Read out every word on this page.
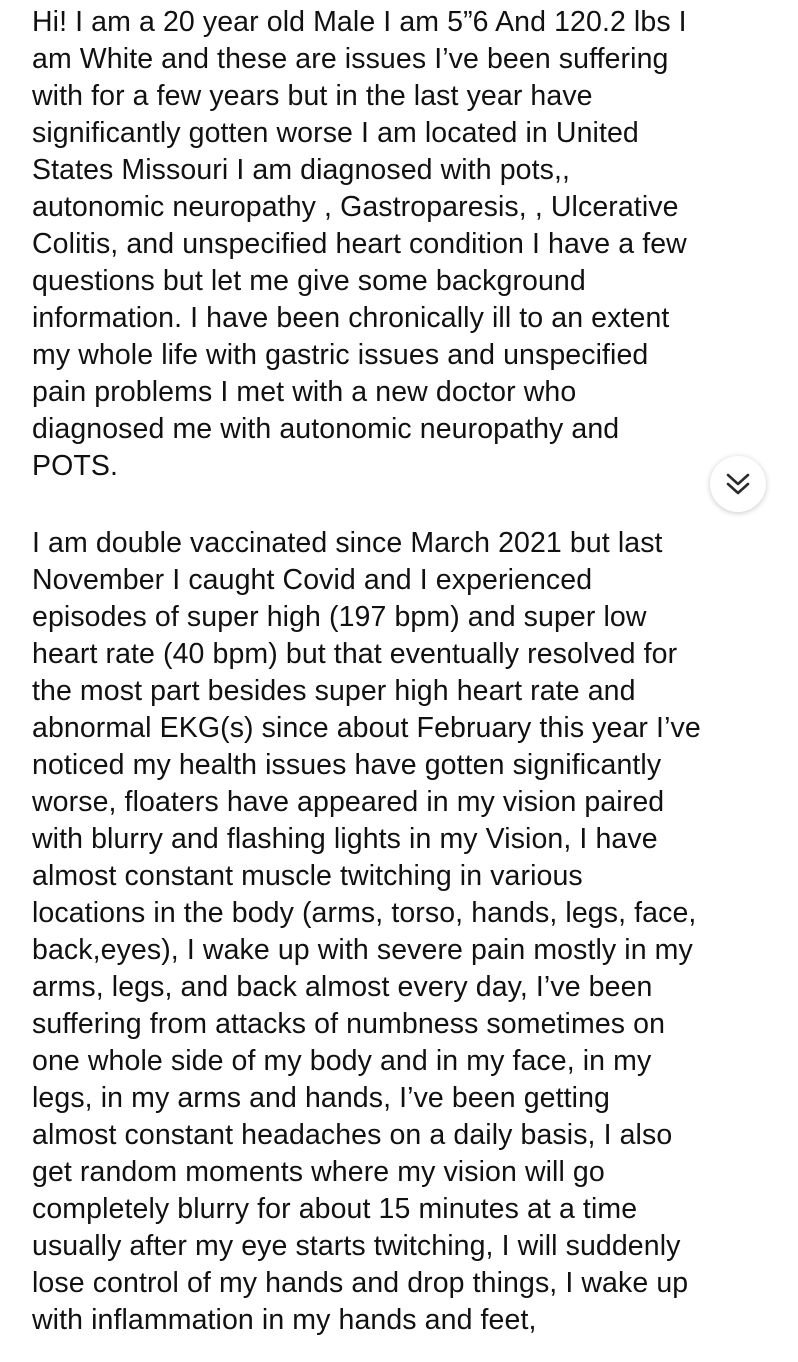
Hi! I am a 20 year old Male I am 5”6 And 120.2 lbs I
am White and these are issues I’ve been suffering
with for a few years but in the last year have
significantly gotten worse I am located in United
States Missouri I am diagnosed with pots,,
autonomic neuropathy , Gastroparesis, , Ulcerative
Colitis, and unspecified heart condition I have a few
questions but let me give some background
information. I have been chronically ill to an extent
my whole life with gastric issues and unspecified
pain problems I met with a new doctor who
diagnosed me with autonomic neuropathy and
POTS.
I am double vaccinated since March 2021 but last
November I caught Covid and I experienced
episodes of super high (197 bpm) and super low
heart rate (40 bpm) but that eventually resolved for
the most part besides super high heart rate and
abnormal EKG(s) since about February this year I’ve
noticed my health issues have gotten significantly
worse, floaters have appeared in my vision paired
with blurry and flashing lights in my Vision, I have
almost constant muscle twitching in various
locations in the body (arms, torso, hands, legs, face,
back,eyes), I wake up with severe pain mostly in my
arms, legs, and back almost every day, I’ve been
suffering from attacks of numbness sometimes on
one whole side of my body and in my face, in my
legs, in my arms and hands, I’ve been getting
almost constant headaches on a daily basis, I also
get random moments where my vision will go
completely blurry for about 15 minutes at a time
usually after my eye starts twitching, I will suddenly
lose control of my hands and drop things, I wake up
with inflammation in my hands and feet,
